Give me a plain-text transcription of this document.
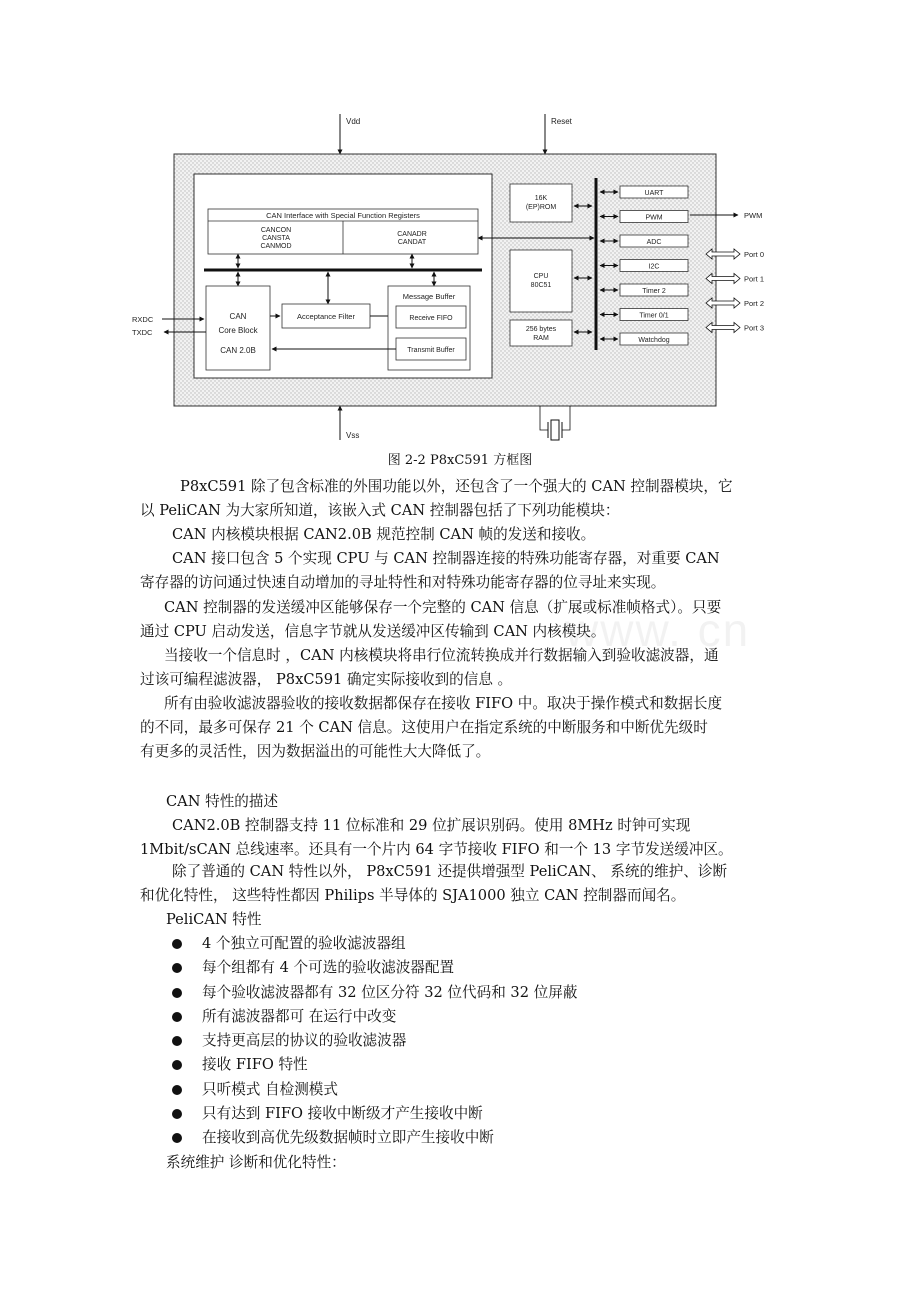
Vdd	Reset
Vss
CAN Interface with Special Function Registers
CANCON
CANSTA
CANMOD
CANADR
CANDAT
CAN
Core Block
CAN 2.0B
Acceptance Filter
Message Buffer
Receive FIFO
Transmit Buffer
RXDC
TXDC
16K
(EP)ROM
CPU
80C51
256 bytes
RAM
UART
PWM
ADC
I2C
Timer 2
Timer 0/1
Watchdog
PWM
Port 0
Port 1
Port 2
Port 3
图 2-2 P8xC591 方框图
www. cn
P8xC591 除了包含标准的外围功能以外，还包含了一个强大的 CAN 控制器模块，它
以 PeliCAN 为大家所知道，该嵌入式 CAN 控制器包括了下列功能模块：
CAN 内核模块根据 CAN2.0B 规范控制 CAN 帧的发送和接收。
CAN 接口包含 5 个实现 CPU 与 CAN 控制器连接的特殊功能寄存器，对重要 CAN
寄存器的访问通过快速自动增加的寻址特性和对特殊功能寄存器的位寻址来实现。
CAN 控制器的发送缓冲区能够保存一个完整的 CAN 信息（扩展或标准帧格式）。只要
通过 CPU 启动发送，信息字节就从发送缓冲区传输到 CAN 内核模块。
当接收一个信息时 ，CAN 内核模块将串行位流转换成并行数据输入到验收滤波器，通
过该可编程滤波器， P8xC591 确定实际接收到的信息 。
所有由验收滤波器验收的接收数据都保存在接收 FIFO 中。取决于操作模式和数据长度
的不同，最多可保存 21 个 CAN 信息。这使用户在指定系统的中断服务和中断优先级时
有更多的灵活性，因为数据溢出的可能性大大降低了。
CAN 特性的描述
CAN2.0B 控制器支持 11 位标准和 29 位扩展识别码。使用 8MHz 时钟可实现
1Mbit/sCAN 总线速率。还具有一个片内 64 字节接收 FIFO 和一个 13 字节发送缓冲区。
除了普通的 CAN 特性以外， P8xC591 还提供增强型 PeliCAN、 系统的维护、诊断
和优化特性， 这些特性都因 Philips 半导体的 SJA1000 独立 CAN 控制器而闻名。
PeliCAN 特性
4 个独立可配置的验收滤波器组
每个组都有 4 个可选的验收滤波器配置
每个验收滤波器都有 32 位区分符 32 位代码和 32 位屏蔽
所有滤波器都可 在运行中改变
支持更高层的协议的验收滤波器
接收 FIFO 特性
只听模式 自检测模式
只有达到 FIFO 接收中断级才产生接收中断
在接收到高优先级数据帧时立即产生接收中断
系统维护 诊断和优化特性：
